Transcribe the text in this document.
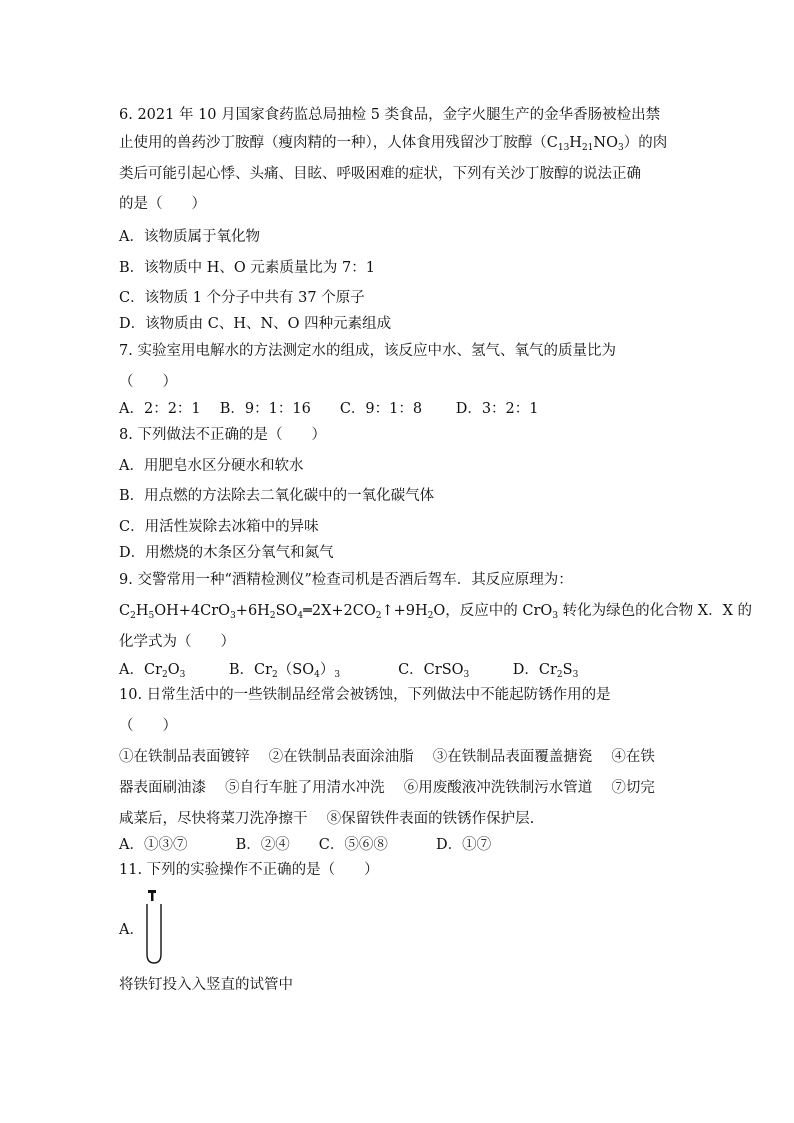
6. 2021 年 10 月国家食药监总局抽检 5 类食品，金字火腿生产的金华香肠被检出禁
止使用的兽药沙丁胺醇（瘦肉精的一种），人体食用残留沙丁胺醇$(C_{13}H_{21}NO_3)$的肉
类后可能引起心悸、头痛、目眩、呼吸困难的症状，下列有关沙丁胺醇的说法正确
的是（　　）
A．该物质属于氧化物
B．该物质中 H、O 元素质量比为 7：1
C．该物质 1 个分子中共有 37 个原子
D．该物质由 C、H、N、O 四种元素组成
7. 实验室用电解水的方法测定水的组成，该反应中水、氢气、氧气的质量比为
（　　）
A．2：2：1　 B．9：1：16　　C．9：1：8　　 D．3：2：1
8. 下列做法不正确的是（　　）
A．用肥皂水区分硬水和软水
B．用点燃的方法除去二氧化碳中的一氧化碳气体
C．用活性炭除去冰箱中的异味
D．用燃烧的木条区分氧气和氮气
9. 交警常用一种“酒精检测仪”检查司机是否酒后驾车．其反应原理为：
$C_2H_5OH+4CrO_3+6H_2SO_4═2X+2CO_2↑+9H_2O$，反应中的 CrO$_3$ 转化为绿色的化合物 X．X 的
化学式为（　　）
A．$Cr_2O_3$　　　B．$Cr_2(SO_4)_3$　　　　C．CrSO$_3$　　　D．$Cr_2S_3$
10. 日常生活中的一些铁制品经常会被锈蚀，下列做法中不能起防锈作用的是
（　　）
①在铁制品表面镀锌　 ②在铁制品表面涂油脂　 ③在铁制品表面覆盖搪瓷　 ④在铁
器表面刷油漆　 ⑤自行车脏了用清水冲洗　 ⑥用废酸液冲洗铁制污水管道　 ⑦切完
咸菜后，尽快将菜刀洗净擦干　 ⑧保留铁件表面的铁锈作保护层.
A．①③⑦　　　 B．②④　　C．⑤⑥⑧　　　 D．①⑦
11. 下列的实验操作不正确的是（　　）
A．
将铁钉投入入竖直的试管中
